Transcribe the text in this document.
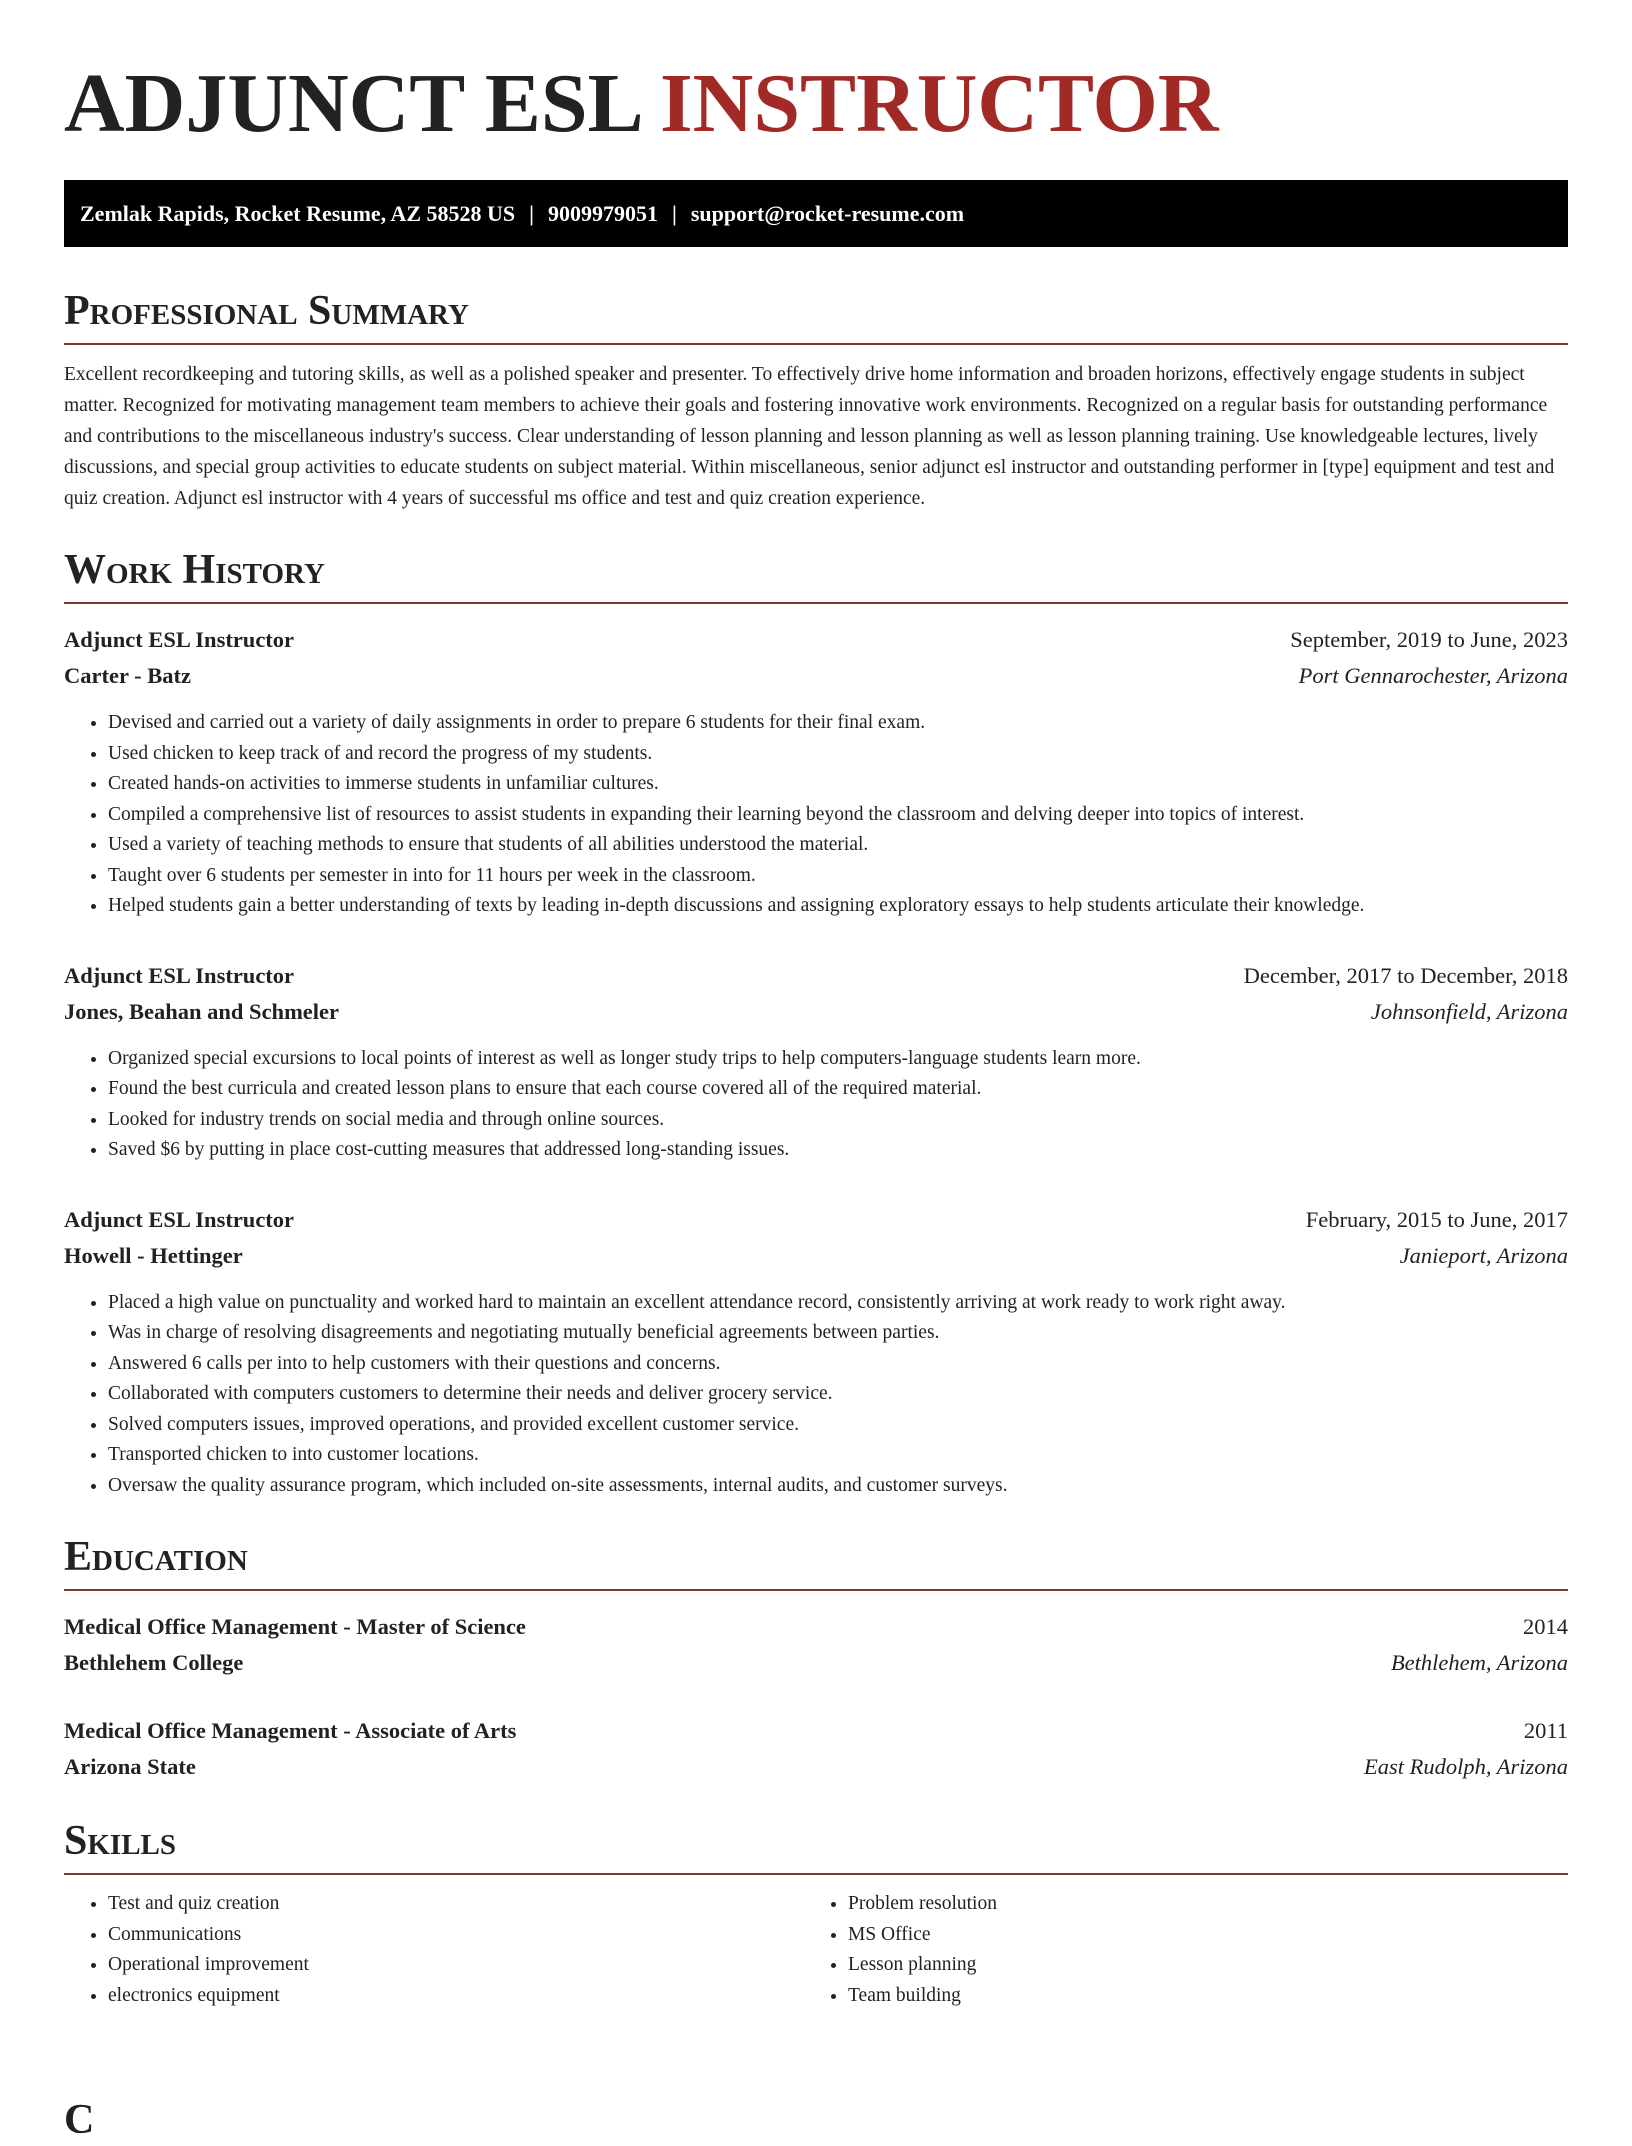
ADJUNCT ESL INSTRUCTOR
Zemlak Rapids, Rocket Resume, AZ 58528 US | 9009979051 | support@rocket-resume.com
Professional Summary
Excellent recordkeeping and tutoring skills, as well as a polished speaker and presenter. To effectively drive home information and broaden horizons, effectively engage students in subject matter. Recognized for motivating management team members to achieve their goals and fostering innovative work environments. Recognized on a regular basis for outstanding performance and contributions to the miscellaneous industry's success. Clear understanding of lesson planning and lesson planning as well as lesson planning training. Use knowledgeable lectures, lively discussions, and special group activities to educate students on subject material. Within miscellaneous, senior adjunct esl instructor and outstanding performer in [type] equipment and test and quiz creation. Adjunct esl instructor with 4 years of successful ms office and test and quiz creation experience.
Work History
Adjunct ESL Instructor	September, 2019 to June, 2023
Carter - Batz	Port Gennarochester, Arizona
• Devised and carried out a variety of daily assignments in order to prepare 6 students for their final exam.
• Used chicken to keep track of and record the progress of my students.
• Created hands-on activities to immerse students in unfamiliar cultures.
• Compiled a comprehensive list of resources to assist students in expanding their learning beyond the classroom and delving deeper into topics of interest.
• Used a variety of teaching methods to ensure that students of all abilities understood the material.
• Taught over 6 students per semester in into for 11 hours per week in the classroom.
• Helped students gain a better understanding of texts by leading in-depth discussions and assigning exploratory essays to help students articulate their knowledge.
Adjunct ESL Instructor	December, 2017 to December, 2018
Jones, Beahan and Schmeler	Johnsonfield, Arizona
• Organized special excursions to local points of interest as well as longer study trips to help computers-language students learn more.
• Found the best curricula and created lesson plans to ensure that each course covered all of the required material.
• Looked for industry trends on social media and through online sources.
• Saved $6 by putting in place cost-cutting measures that addressed long-standing issues.
Adjunct ESL Instructor	February, 2015 to June, 2017
Howell - Hettinger	Janieport, Arizona
• Placed a high value on punctuality and worked hard to maintain an excellent attendance record, consistently arriving at work ready to work right away.
• Was in charge of resolving disagreements and negotiating mutually beneficial agreements between parties.
• Answered 6 calls per into to help customers with their questions and concerns.
• Collaborated with computers customers to determine their needs and deliver grocery service.
• Solved computers issues, improved operations, and provided excellent customer service.
• Transported chicken to into customer locations.
• Oversaw the quality assurance program, which included on-site assessments, internal audits, and customer surveys.
Education
Medical Office Management - Master of Science	2014
Bethlehem College	Bethlehem, Arizona
Medical Office Management - Associate of Arts	2011
Arizona State	East Rudolph, Arizona
Skills
• Test and quiz creation
• Communications
• Operational improvement
• electronics equipment
• Problem resolution
• MS Office
• Lesson planning
• Team building
C
